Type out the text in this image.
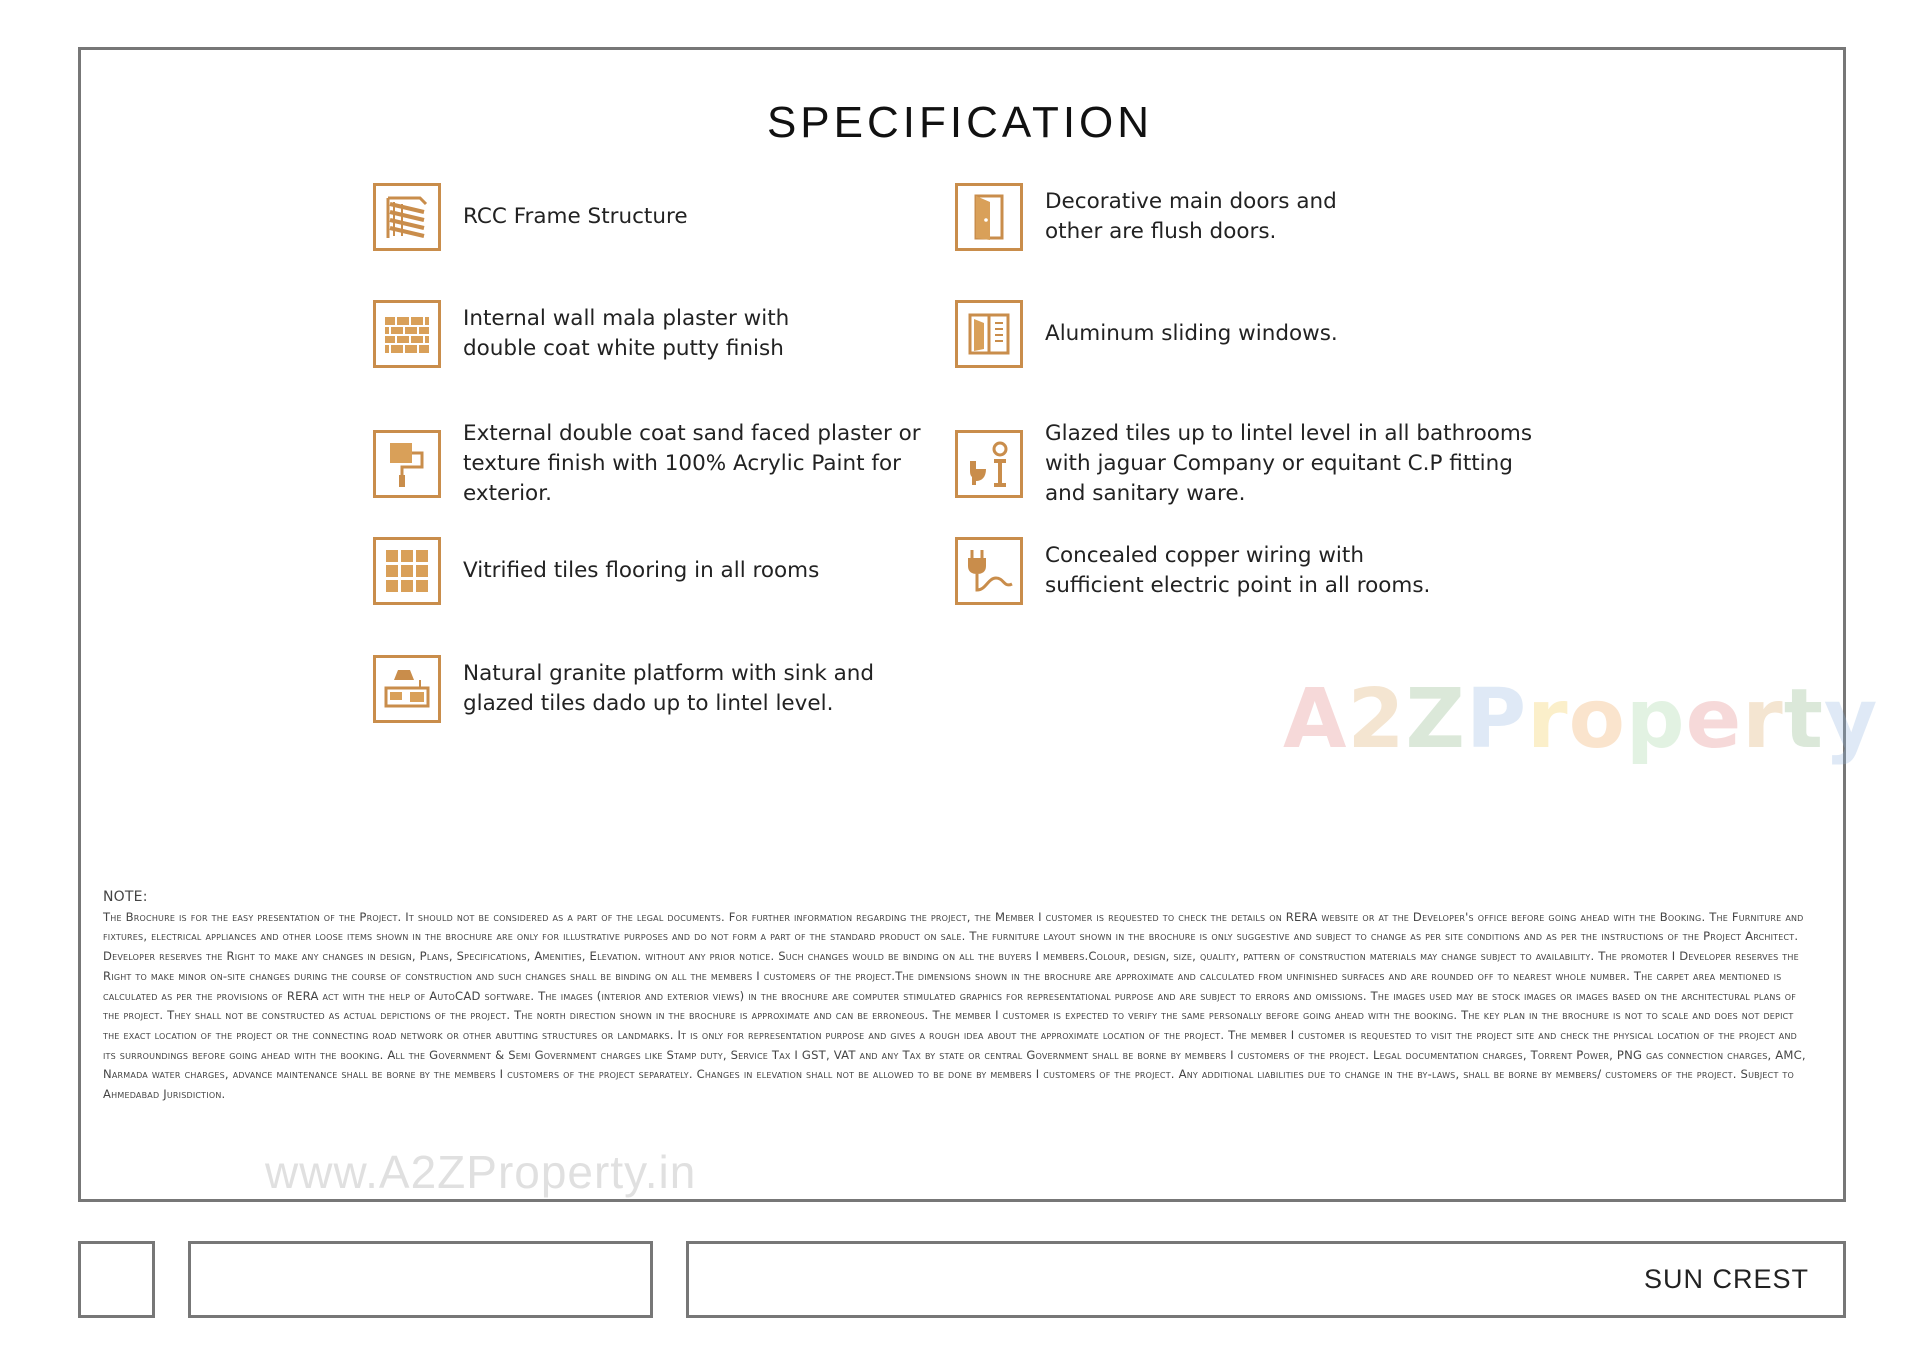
SPECIFICATION
RCC Frame Structure
Internal wall mala plaster with
double coat white putty finish
External double coat sand faced plaster or
texture finish with 100% Acrylic Paint for
exterior.
Vitrified tiles flooring in all rooms
Natural granite platform with sink and
glazed tiles dado up to lintel level.
Decorative main doors and
other are flush doors.
Aluminum sliding windows.
Glazed tiles up to lintel level in all bathrooms
with jaguar Company or equitant C.P fitting
and sanitary ware.
Concealed copper wiring with
sufficient electric point in all rooms.
A2ZProperty
NOTE:
The Brochure is for the easy presentation of the Project. It should not be considered as a part of the legal documents. For further information regarding the project, the Member I customer is requested to check the details on RERA website or at the Developer's office before going ahead with the Booking. The Furniture and fixtures, electrical appliances and other loose items shown in the brochure are only for illustrative purposes and do not form a part of the standard product on sale. The furniture layout shown in the brochure is only suggestive and subject to change as per site conditions and as per the instructions of the Project Architect. Developer reserves the Right to make any changes in design, Plans, Specifications, Amenities, Elevation. without any prior notice. Such changes would be binding on all the buyers I members.Colour, design, size, quality, pattern of construction materials may change subject to availability. The promoter I Developer reserves the Right to make minor on-site changes during the course of construction and such changes shall be binding on all the members I customers of the project.The dimensions shown in the brochure are approximate and calculated from unfinished surfaces and are rounded off to nearest whole number. The carpet area mentioned is calculated as per the provisions of RERA act with the help of AutoCAD software. The images (interior and exterior views) in the brochure are computer stimulated graphics for representational purpose and are subject to errors and omissions. The images used may be stock images or images based on the architectural plans of the project. They shall not be constructed as actual depictions of the project. The north direction shown in the brochure is approximate and can be erroneous. The member I customer is expected to verify the same personally before going ahead with the booking. The key plan in the brochure is not to scale and does not depict the exact location of the project or the connecting road network or other abutting structures or landmarks. It is only for representation purpose and gives a rough idea about the approximate location of the project. The member I customer is requested to visit the project site and check the physical location of the project and its surroundings before going ahead with the booking. All the Government & Semi Government charges like Stamp duty, Service Tax I GST, VAT and any Tax by state or central Government shall be borne by members I customers of the project. Legal documentation charges, Torrent Power, PNG gas connection charges, AMC, Narmada water charges, advance maintenance shall be borne by the members I customers of the project separately. Changes in elevation shall not be allowed to be done by members I customers of the project. Any additional liabilities due to change in the by-laws, shall be borne by members/ customers of the project. Subject to Ahmedabad Jurisdiction.
www.A2ZProperty.in
SUN CREST
